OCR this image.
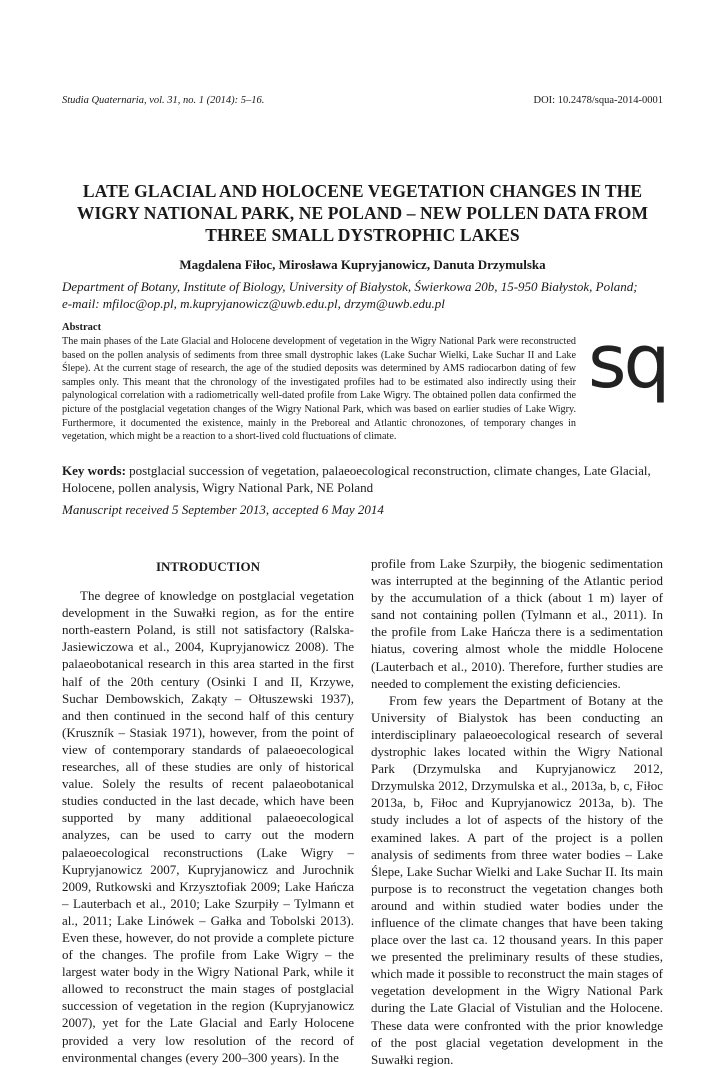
Studia Quaternaria, vol. 31, no. 1 (2014): 5–16.	DOI: 10.2478/squa-2014-0001
LATE GLACIAL AND HOLOCENE VEGETATION CHANGES IN THE WIGRY NATIONAL PARK, NE POLAND – NEW POLLEN DATA FROM THREE SMALL DYSTROPHIC LAKES
Magdalena Fiłoc, Mirosława Kupryjanowicz, Danuta Drzymulska
Department of Botany, Institute of Biology, University of Białystok, Świerkowa 20b, 15-950 Białystok, Poland;
e-mail: mfiloc@op.pl, m.kupryjanowicz@uwb.edu.pl, drzym@uwb.edu.pl
Abstract
The main phases of the Late Glacial and Holocene development of vegetation in the Wigry National Park were reconstructed based on the pollen analysis of sediments from three small dystrophic lakes (Lake Suchar Wielki, Lake Suchar II and Lake Ślepe). At the current stage of research, the age of the studied deposits was determined by AMS radiocarbon dating of few samples only. This meant that the chronology of the investigated profiles had to be estimated also indirectly using their palynological correlation with a radiometrically well-dated profile from Lake Wigry. The obtained pollen data confirmed the picture of the postglacial vegetation changes of the Wigry National Park, which was based on earlier studies of Lake Wigry. Furthermore, it documented the existence, mainly in the Preboreal and Atlantic chronozones, of temporary changes in vegetation, which might be a reaction to a short-lived cold fluctuations of climate.
sq
Key words: postglacial succession of vegetation, palaeoecological reconstruction, climate changes, Late Glacial, Holocene, pollen analysis, Wigry National Park, NE Poland
Manuscript received 5 September 2013, accepted 6 May 2014
INTRODUCTION

The degree of knowledge on postglacial vegetation development in the Suwałki region, as for the entire north-eastern Poland, is still not satisfactory (Ralska-Jasiewiczowa et al., 2004, Kupryjanowicz 2008). The palaeobotanical research in this area started in the first half of the 20th century (Osinki I and II, Krzywe, Suchar Dembowskich, Zakąty – Ołtuszewski 1937), and then continued in the second half of this century (Kruszník – Stasiak 1971), however, from the point of view of contemporary standards of palaeoecological researches, all of these studies are only of historical value. Solely the results of recent palaeobotanical studies conducted in the last decade, which have been supported by many additional palaeoecological analyzes, can be used to carry out the modern palaeoecological reconstructions (Lake Wigry – Kupryjanowicz 2007, Kupryjanowicz and Jurochnik 2009, Rutkowski and Krzysztofiak 2009; Lake Hańcza – Lauterbach et al., 2010; Lake Szurpiły – Tylmann et al., 2011; Lake Linówek – Gałka and Tobolski 2013). Even these, however, do not provide a complete picture of the changes. The profile from Lake Wigry – the largest water body in the Wigry National Park, while it allowed to reconstruct the main stages of postglacial succession of vegetation in the region (Kupryjanowicz 2007), yet for the Late Glacial and Early Holocene provided a very low resolution of the record of environmental changes (every 200–300 years). In the

profile from Lake Szurpiły, the biogenic sedimentation was interrupted at the beginning of the Atlantic period by the accumulation of a thick (about 1 m) layer of sand not containing pollen (Tylmann et al., 2011). In the profile from Lake Hańcza there is a sedimentation hiatus, covering almost whole the middle Holocene (Lauterbach et al., 2010). Therefore, further studies are needed to complement the existing deficiencies.

From few years the Department of Botany at the University of Bialystok has been conducting an interdisciplinary palaeoecological research of several dystrophic lakes located within the Wigry National Park (Drzymulska and Kupryjanowicz 2012, Drzymulska 2012, Drzymulska et al., 2013a, b, c, Fiłoc 2013a, b, Fiłoc and Kupryjanowicz 2013a, b). The study includes a lot of aspects of the history of the examined lakes. A part of the project is a pollen analysis of sediments from three water bodies – Lake Ślepe, Lake Suchar Wielki and Lake Suchar II. Its main purpose is to reconstruct the vegetation changes both around and within studied water bodies under the influence of the climate changes that have been taking place over the last ca. 12 thousand years. In this paper we presented the preliminary results of these studies, which made it possible to reconstruct the main stages of vegetation development in the Wigry National Park during the Late Glacial of Vistulian and the Holocene. These data were confronted with the prior knowledge of the post glacial vegetation development in the Suwałki region.
